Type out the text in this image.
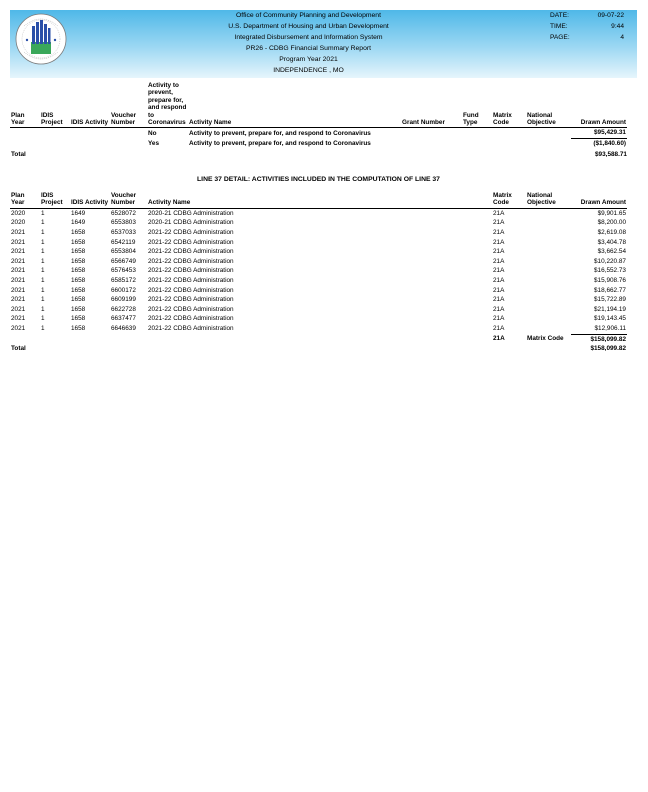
Office of Community Planning and Development
U.S. Department of Housing and Urban Development
Integrated Disbursement and Information System
PR26 - CDBG Financial Summary Report
Program Year 2021
INDEPENDENCE , MO
DATE:	09-07-22
TIME:	9:44
PAGE:	4
Plan Year	IDIS Project	IDIS Activity	Voucher Number	Activity to prevent, prepare for, and respond to Coronavirus	Activity Name	Grant Number	Fund Type	Matrix Code	National Objective	Drawn Amount
				No	Activity to prevent, prepare for, and respond to Coronavirus					$95,429.31
				Yes	Activity to prevent, prepare for, and respond to Coronavirus					($1,840.60)
Total	$93,588.71
LINE 37 DETAIL: ACTIVITIES INCLUDED IN THE COMPUTATION OF LINE 37
Plan Year	IDIS Project	IDIS Activity	Voucher Number	Activity Name	Matrix Code	National Objective	Drawn Amount
2020	1	1649	6528072	2020-21 CDBG Administration	21A		$9,901.65
2020	1	1649	6553803	2020-21 CDBG Administration	21A		$8,200.00
2021	1	1658	6537033	2021-22 CDBG Administration	21A		$2,619.08
2021	1	1658	6542119	2021-22 CDBG Administration	21A		$3,404.78
2021	1	1658	6553804	2021-22 CDBG Administration	21A		$3,662.54
2021	1	1658	6566749	2021-22 CDBG Administration	21A		$10,220.87
2021	1	1658	6576453	2021-22 CDBG Administration	21A		$16,552.73
2021	1	1658	6585172	2021-22 CDBG Administration	21A		$15,908.76
2021	1	1658	6600172	2021-22 CDBG Administration	21A		$18,662.77
2021	1	1658	6609199	2021-22 CDBG Administration	21A		$15,722.89
2021	1	1658	6622728	2021-22 CDBG Administration	21A		$21,194.19
2021	1	1658	6637477	2021-22 CDBG Administration	21A		$19,143.45
2021	1	1658	6646639	2021-22 CDBG Administration	21A		$12,906.11
					21A	Matrix Code	$158,099.82
Total							$158,099.82
